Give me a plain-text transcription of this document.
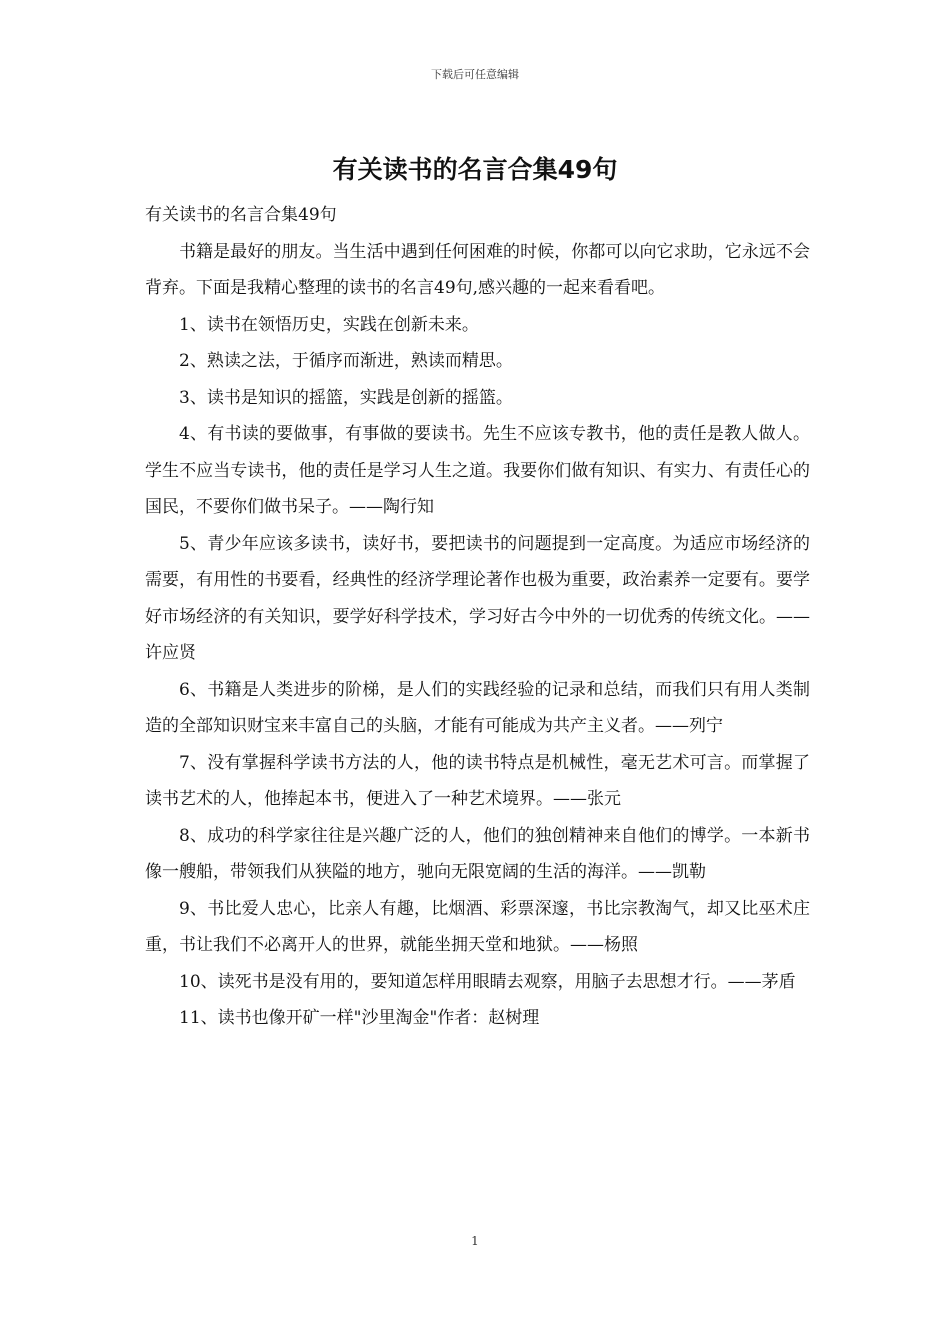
下载后可任意编辑
有关读书的名言合集49句

有关读书的名言合集49句

书籍是最好的朋友。当生活中遇到任何困难的时候，你都可以向它求助，它永远不会背弃。下面是我精心整理的读书的名言49句,感兴趣的一起来看看吧。

1、读书在领悟历史，实践在创新未来。

2、熟读之法，于循序而渐进，熟读而精思。

3、读书是知识的摇篮，实践是创新的摇篮。

4、有书读的要做事，有事做的要读书。先生不应该专教书，他的责任是教人做人。学生不应当专读书，他的责任是学习人生之道。我要你们做有知识、有实力、有责任心的国民，不要你们做书呆子。——陶行知

5、青少年应该多读书，读好书，要把读书的问题提到一定高度。为适应市场经济的需要，有用性的书要看，经典性的经济学理论著作也极为重要，政治素养一定要有。要学好市场经济的有关知识，要学好科学技术，学习好古今中外的一切优秀的传统文化。——许应贤

6、书籍是人类进步的阶梯，是人们的实践经验的记录和总结，而我们只有用人类制造的全部知识财宝来丰富自己的头脑，才能有可能成为共产主义者。——列宁

7、没有掌握科学读书方法的人，他的读书特点是机械性，毫无艺术可言。而掌握了读书艺术的人，他捧起本书，便进入了一种艺术境界。——张元

8、成功的科学家往往是兴趣广泛的人，他们的独创精神来自他们的博学。一本新书像一艘船，带领我们从狭隘的地方，驰向无限宽阔的生活的海洋。——凯勒

9、书比爱人忠心，比亲人有趣，比烟酒、彩票深邃，书比宗教淘气，却又比巫术庄重，书让我们不必离开人的世界，就能坐拥天堂和地狱。——杨照

10、读死书是没有用的，要知道怎样用眼睛去观察，用脑子去思想才行。——茅盾

11、读书也像开矿一样"沙里淘金"作者：赵树理

1
